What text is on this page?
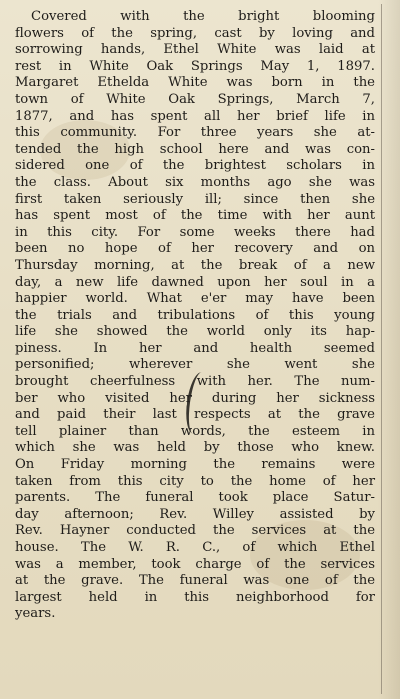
Covered with the bright blooming
flowers of the spring, cast by loving and
sorrowing hands, Ethel White was laid at
rest in White Oak Springs May 1, 1897.
Margaret Ethelda White was born in the
town of White Oak Springs, March 7,
1877, and has spent all her brief life in
this community. For three years she at-
tended the high school here and was con-
sidered one of the brightest scholars in
the class. About six months ago she was
first taken seriously ill; since then she
has spent most of the time with her aunt
in this city. For some weeks there had
been no hope of her recovery and on
Thursday morning, at the break of a new
day, a new life dawned upon her soul in a
happier world. What e'er may have been
the trials and tribulations of this young
life she showed the world only its hap-
piness. In her and health seemed
personified; wherever she went she
brought cheerfulness with her. The num-
ber who visited her during her sickness
and paid their last respects at the grave
tell plainer than words, the esteem in
which she was held by those who knew.
On Friday morning the remains were
taken from this city to the home of her
parents. The funeral took place Satur-
day afternoon; Rev. Willey assisted by
Rev. Hayner conducted the services at the
house. The W. R. C., of which Ethel
was a member, took charge of the services
at the grave. The funeral was one of the
largest held in this neighborhood for
years.
